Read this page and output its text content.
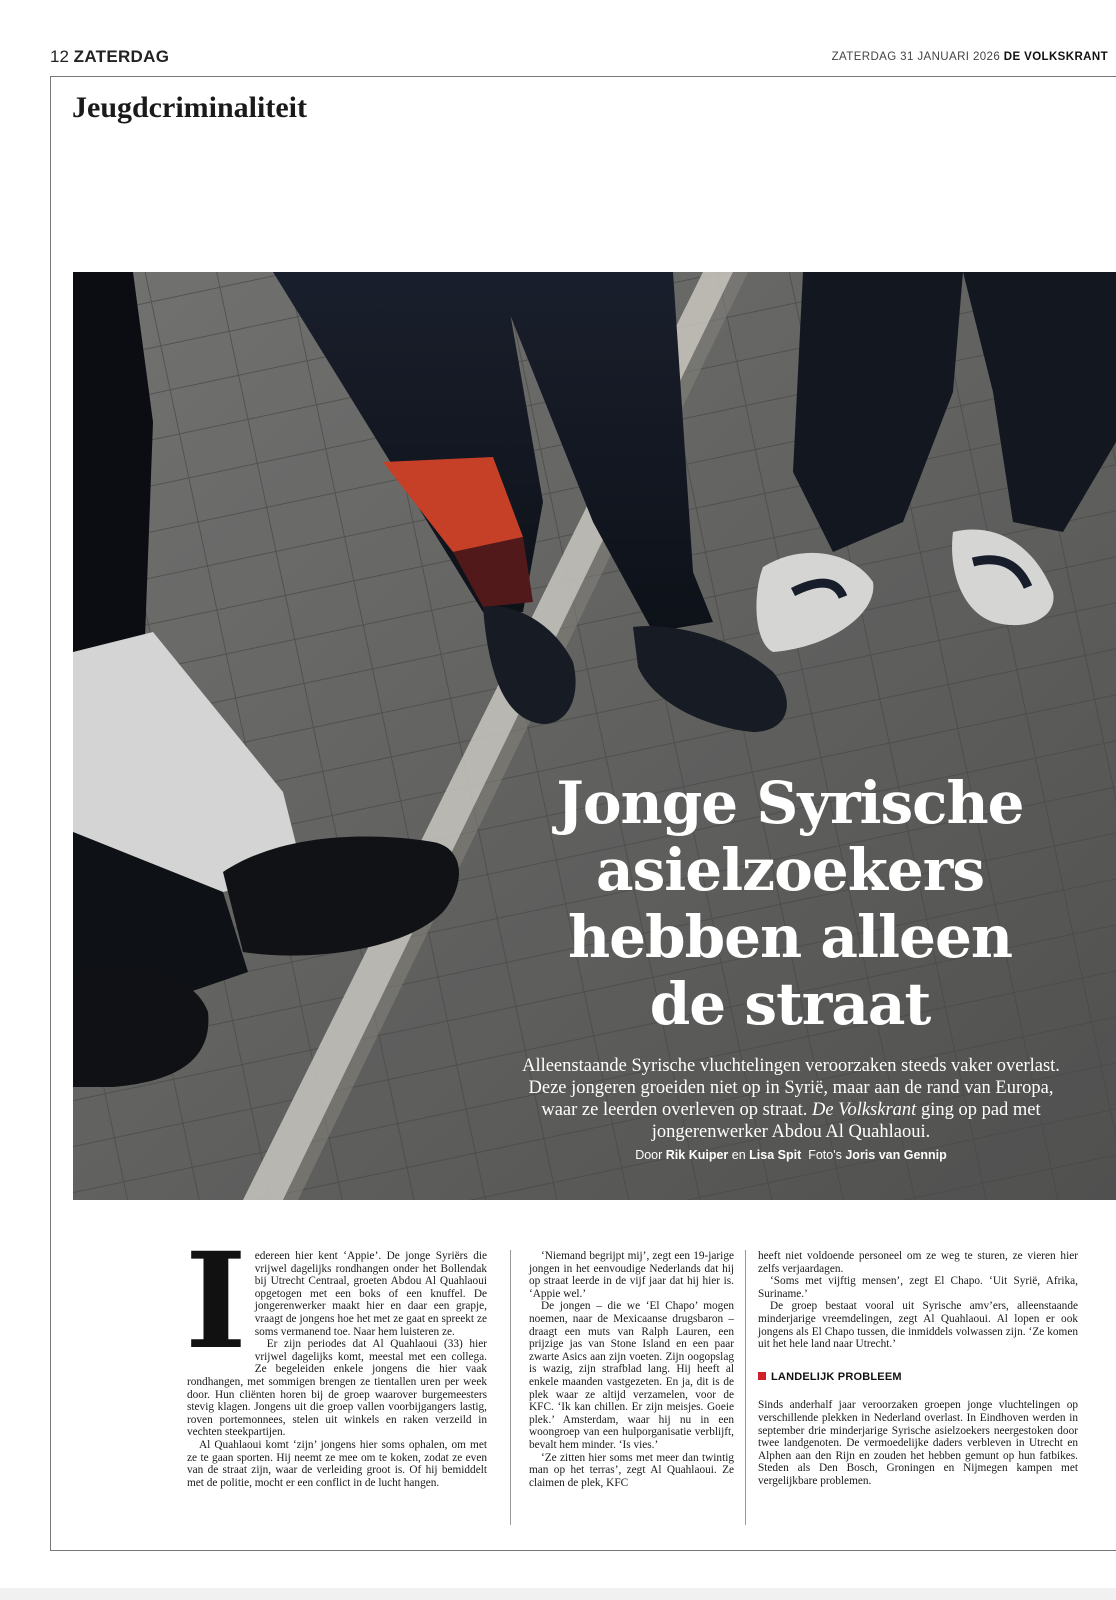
12 ZATERDAG	ZATERDAG 31 JANUARI 2026 DE VOLKSKRANT
Jeugdcriminaliteit
Jonge Syrische asielzoekers hebben alleen de straat
Alleenstaande Syrische vluchtelingen veroorzaken steeds vaker overlast. Deze jongeren groeiden niet op in Syrië, maar aan de rand van Europa, waar ze leerden overleven op straat. De Volkskrant ging op pad met jongerenwerker Abdou Al Quahlaoui.
Door Rik Kuiper en Lisa Spit Foto's Joris van Gennip
I edereen hier kent ‘Appie’. De jonge Syriërs die vrijwel dagelijks rondhangen onder het Bollendak bij Utrecht Centraal, groeten Abdou Al Quahlaoui opgetogen met een boks of een knuffel. De jongerenwerker maakt hier en daar een grapje, vraagt de jongens hoe het met ze gaat en spreekt ze soms vermanend toe. Naar hem luisteren ze.

Er zijn periodes dat Al Quahlaoui (33) hier vrijwel dagelijks komt, meestal met een collega. Ze begeleiden enkele jongens die hier vaak rondhangen, met sommigen brengen ze tientallen uren per week door. Hun cliënten horen bij de groep waarover burgemeesters stevig klagen. Jongens uit die groep vallen voorbijgangers lastig, roven portemonnees, stelen uit winkels en raken verzeild in vechten steekpartijen.

Al Quahlaoui komt ‘zijn’ jongens hier soms ophalen, om met ze te gaan sporten. Hij neemt ze mee om te koken, zodat ze even van de straat zijn, waar de verleiding groot is. Of hij bemiddelt met de politie, mocht er een conflict in de lucht hangen.

‘Niemand begrijpt mij’, zegt een 19-jarige jongen in het eenvoudige Nederlands dat hij op straat leerde in de vijf jaar dat hij hier is. ‘Appie wel.’

De jongen – die we ‘El Chapo’ mogen noemen, naar de Mexicaanse drugsbaron – draagt een muts van Ralph Lauren, een prijzige jas van Stone Island en een paar zwarte Asics aan zijn voeten. Zijn oogopslag is wazig, zijn strafblad lang. Hij heeft al enkele maanden vastgezeten. En ja, dit is de plek waar ze altijd verzamelen, voor de KFC. ‘Ik kan chillen. Er zijn meisjes. Goeie plek.’ Amsterdam, waar hij nu in een woongroep van een hulporganisatie verblijft, bevalt hem minder. ‘Is vies.’

‘Ze zitten hier soms met meer dan twintig man op het terras’, zegt Al Quahlaoui. Ze claimen de plek, KFC

heeft niet voldoende personeel om ze weg te sturen, ze vieren hier zelfs verjaardagen.

‘Soms met vijftig mensen’, zegt El Chapo. ‘Uit Syrië, Afrika, Suriname.’

De groep bestaat vooral uit Syrische amv’ers, alleenstaande minderjarige vreemdelingen, zegt Al Quahlaoui. Al lopen er ook jongens als El Chapo tussen, die inmiddels volwassen zijn. ‘Ze komen uit het hele land naar Utrecht.’

LANDELIJK PROBLEEM

Sinds anderhalf jaar veroorzaken groepen jonge vluchtelingen op verschillende plekken in Nederland overlast. In Eindhoven werden in september drie minderjarige Syrische asielzoekers neergestoken door twee landgenoten. De vermoedelijke daders verbleven in Utrecht en Alphen aan den Rijn en zouden het hebben gemunt op hun fatbikes. Steden als Den Bosch, Groningen en Nijmegen kampen met vergelijkbare problemen.
